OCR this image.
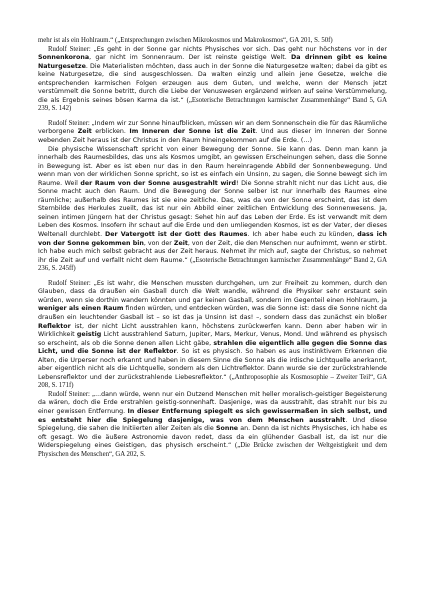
mehr ist als ein Hohlraum.“ („Entsprechungen zwischen Mikrokosmos und Makrokosmos“, GA 201, S. 50f)

Rudolf Steiner: „Es geht in der Sonne gar nichts Physisches vor sich. Das geht nur höchstens vor in der Sonnenkorona, gar nicht im Sonnenraum. Der ist reinste geistige Welt. Da drinnen gibt es keine Naturgesetze. Die Materialisten möchten, dass auch in der Sonne die Naturgesetze walten; dabei da gibt es keine Naturgesetze, die sind ausgeschlossen. Da walten einzig und allein jene Gesetze, welche die entsprechenden karmischen Folgen erzeugen aus dem Guten, und welche, wenn der Mensch jetzt verstümmelt die Sonne betritt, durch die Liebe der Venuswesen ergänzend wirken auf seine Verstümmelung, die als Ergebnis seines bösen Karma da ist.“ („Esoterische Betrachtungen karmischer Zusammenhänge“ Band 5, GA 239, S. 142)

Rudolf Steiner: „Indem wir zur Sonne hinaufblicken, müssen wir an dem Sonnenschein die für das Räumliche verborgene Zeit erblicken. Im Inneren der Sonne ist die Zeit. Und aus dieser im Inneren der Sonne webenden Zeit heraus ist der Christus in den Raum hineingekommen auf die Erde. (…)

Die physische Wissenschaft spricht von einer Bewegung der Sonne. Sie kann das. Denn man kann ja innerhalb des Raumesbildes, das uns als Kosmos umgibt, an gewissen Erscheinungen sehen, dass die Sonne in Bewegung ist. Aber es ist eben nur das in den Raum hereinragende Abbild der Sonnenbewegung. Und wenn man von der wirklichen Sonne spricht, so ist es einfach ein Unsinn, zu sagen, die Sonne bewegt sich im Raume. Weil der Raum von der Sonne ausgestrahlt wird! Die Sonne strahlt nicht nur das Licht aus, die Sonne macht auch den Raum. Und die Bewegung der Sonne selber ist nur innerhalb des Raumes eine räumliche; außerhalb des Raumes ist sie eine zeitliche. Das, was da von der Sonne erscheint, das ist dem Sternbilde des Herkules zueilt, das ist nur ein Abbild einer zeitlichen Entwicklung des Sonnenwesens. Ja, seinen intimen Jüngern hat der Christus gesagt: Sehet hin auf das Leben der Erde. Es ist verwandt mit dem Leben des Kosmos. Insofern ihr schaut auf die Erde und den umliegenden Kosmos, ist es der Vater, der dieses Weltenall durchlebt. Der Vatergott ist der Gott des Raumes. Ich aber habe euch zu künden, dass ich von der Sonne gekommen bin, von der Zeit, von der Zeit, die den Menschen nur aufnimmt, wenn er stirbt. Ich habe euch mich selbst gebracht aus der Zeit heraus. Nehmet ihr mich auf, sagte der Christus, so nehmet ihr die Zeit auf und verfallt nicht dem Raume.“ („Esoterische Betrachtungen karmischer Zusammenhänge“ Band 2, GA 236, S. 245ff)

Rudolf Steiner: „Es ist wahr, die Menschen mussten durchgehen, um zur Freiheit zu kommen, durch den Glauben, dass da draußen ein Gasball durch die Welt wandle, während die Physiker sehr erstaunt sein würden, wenn sie dorthin wandern könnten und gar keinen Gasball, sondern im Gegenteil einen Hohlraum, ja weniger als einen Raum finden würden, und entdecken würden, was die Sonne ist: dass die Sonne nicht da draußen ein leuchtender Gasball ist – so ist das ja Unsinn ist das! –, sondern dass das zunächst ein bloßer Reflektor ist, der nicht Licht ausstrahlen kann, höchstens zurückwerfen kann. Denn aber haben wir in Wirklichkeit geistig Licht ausstrahlend Saturn, Jupiter, Mars, Merkur, Venus, Mond. Und während es physisch so erscheint, als ob die Sonne denen allen Licht gäbe, strahlen die eigentlich alle gegen die Sonne das Licht, und die Sonne ist der Reflektor. So ist es physisch. So haben es aus instinktivem Erkennen die Alten, die Urperser noch erkannt und haben in diesem Sinne die Sonne als die irdische Lichtquelle anerkannt, aber eigentlich nicht als die Lichtquelle, sondern als den Lichtreflektor. Dann wurde sie der zurückstrahlende Lebensreflektor und der zurückstrahlende Liebesreflektor.“ („Anthroposophie als Kosmosophie – Zweiter Teil“, GA 208, S. 171f)

Rudolf Steiner: „...dann würde, wenn nur ein Dutzend Menschen mit heller moralisch-geistiger Begeisterung da wären, doch die Erde erstrahlen geistig-sonnenhaft. Dasjenige, was da ausstrahlt, das strahlt nur bis zu einer gewissen Entfernung. In dieser Entfernung spiegelt es sich gewissermaßen in sich selbst, und es entsteht hier die Spiegelung dasjenige, was von dem Menschen ausstrahlt. Und diese Spiegelung, die sahen die Initiierten aller Zeiten als die Sonne an. Denn da ist nichts Physisches, ich habe es oft gesagt. Wo die äußere Astronomie davon redet, dass da ein glühender Gasball ist, da ist nur die Widerspiegelung eines Geistigen, das physisch erscheint.“ („Die Brücke zwischen der Weltgeistigkeit und dem Physischen des Menschen“, GA 202, S.
